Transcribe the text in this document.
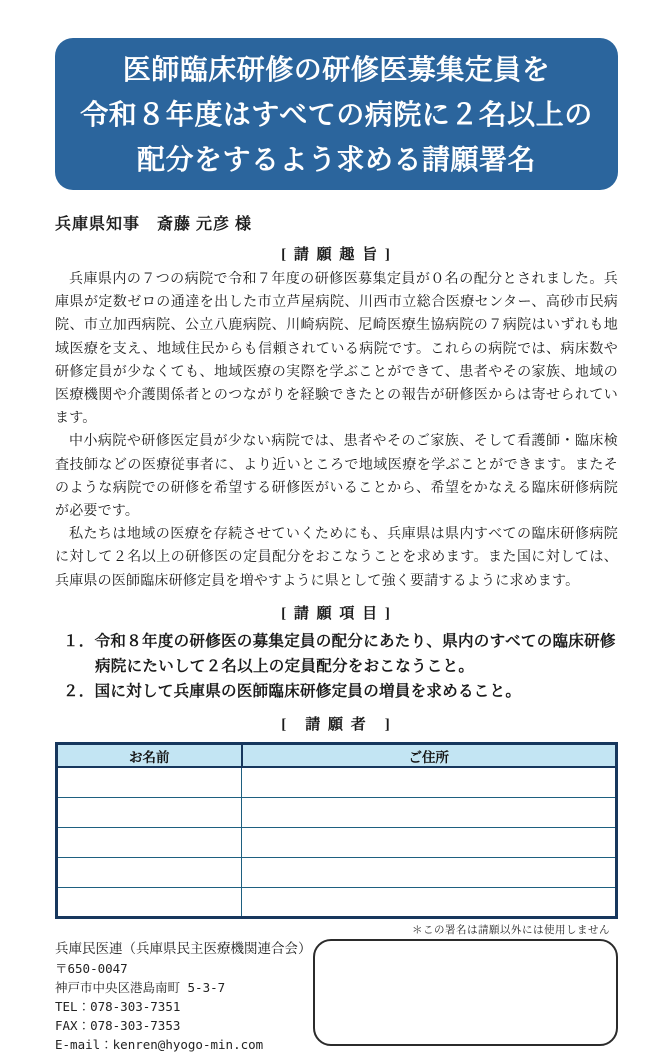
医師臨床研修の研修医募集定員を
令和８年度はすべての病院に２名以上の
配分をするよう求める請願署名
兵庫県知事　斎藤 元彦 様
[ 請 願 趣 旨 ]

兵庫県内の７つの病院で令和７年度の研修医募集定員が０名の配分とされました。兵庫県が定数ゼロの通達を出した市立芦屋病院、川西市立総合医療センター、高砂市民病院、市立加西病院、公立八鹿病院、川崎病院、尼崎医療生協病院の７病院はいずれも地域医療を支え、地域住民からも信頼されている病院です。これらの病院では、病床数や研修定員が少なくても、地域医療の実際を学ぶことができて、患者やその家族、地域の医療機関や介護関係者とのつながりを経験できたとの報告が研修医からは寄せられています。

中小病院や研修医定員が少ない病院では、患者やそのご家族、そして看護師・臨床検査技師などの医療従事者に、より近いところで地域医療を学ぶことができます。またそのような病院での研修を希望する研修医がいることから、希望をかなえる臨床研修病院が必要です。

私たちは地域の医療を存続させていくためにも、兵庫県は県内すべての臨床研修病院に対して２名以上の研修医の定員配分をおこなうことを求めます。また国に対しては、兵庫県の医師臨床研修定員を増やすように県として強く要請するように求めます。

[ 請 願 項 目 ]
１．令和８年度の研修医の募集定員の配分にあたり、県内のすべての臨床研修病院にたいして２名以上の定員配分をおこなうこと。
２．国に対して兵庫県の医師臨床研修定員の増員を求めること。
[　請 願 者　]
お名前	ご住所

＊この署名は請願以外には使用しません
兵庫民医連（兵庫県民主医療機関連合会）
〒650‐0047
神戸市中央区港島南町 5-3-7
TEL：078-303-7351
FAX：078-303-7353
E-mail：kenren@hyogo-min.com
